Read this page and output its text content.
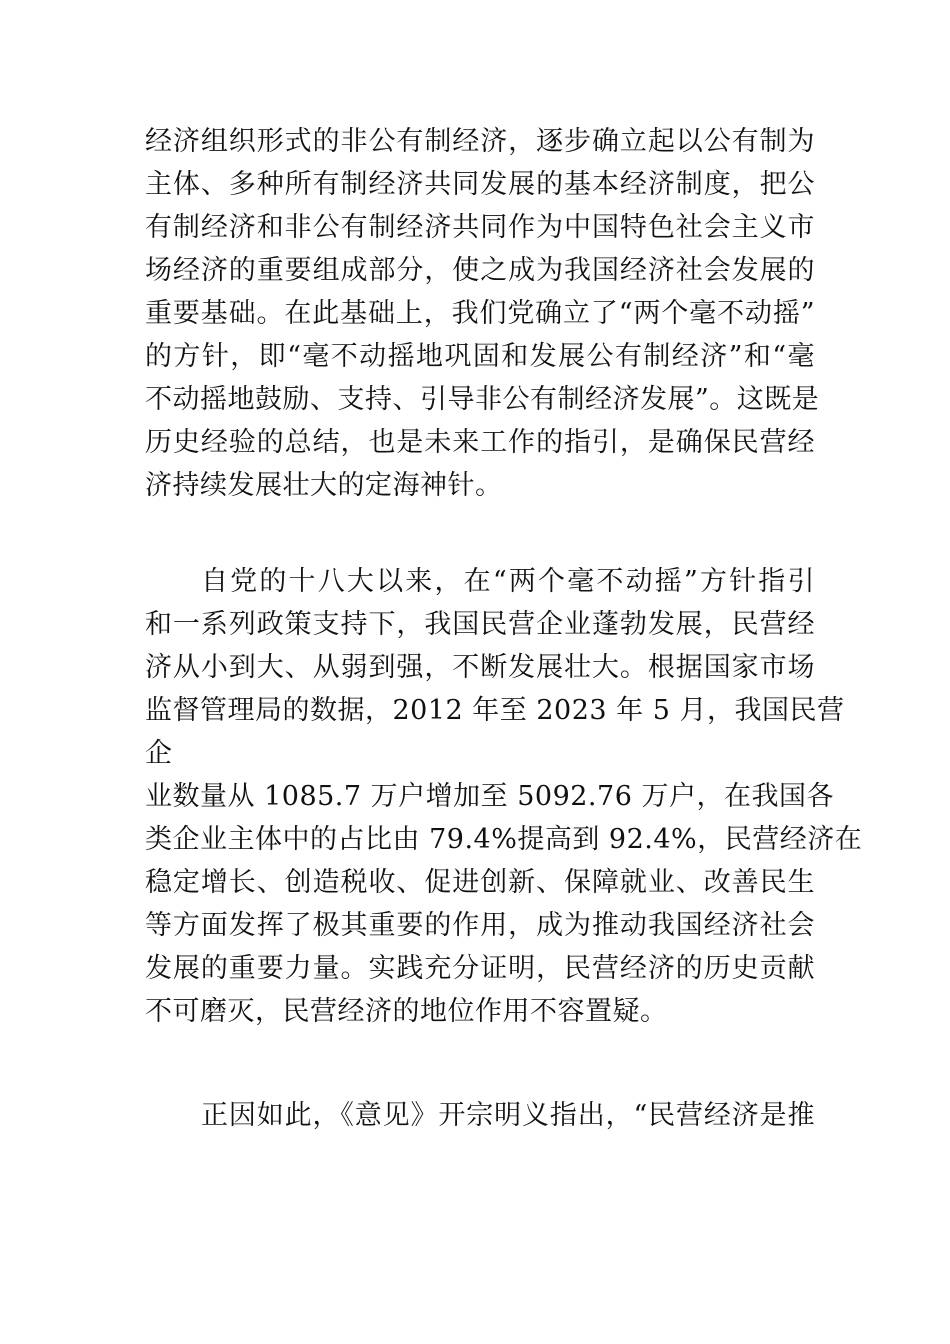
经济组织形式的非公有制经济，逐步确立起以公有制为
主体、多种所有制经济共同发展的基本经济制度，把公
有制经济和非公有制经济共同作为中国特色社会主义市
场经济的重要组成部分，使之成为我国经济社会发展的
重要基础。在此基础上，我们党确立了“两个毫不动摇”
的方针，即“毫不动摇地巩固和发展公有制经济”和“毫
不动摇地鼓励、支持、引导非公有制经济发展”。这既是
历史经验的总结，也是未来工作的指引，是确保民营经
济持续发展壮大的定海神针。
自党的十八大以来，在“两个毫不动摇”方针指引
和一系列政策支持下，我国民营企业蓬勃发展，民营经
济从小到大、从弱到强，不断发展壮大。根据国家市场
监督管理局的数据，2012 年至 2023 年 5 月，我国民营
企
业数量从 1085.7 万户增加至 5092.76 万户，在我国各
类企业主体中的占比由 79.4%提高到 92.4%，民营经济在
稳定增长、创造税收、促进创新、保障就业、改善民生
等方面发挥了极其重要的作用，成为推动我国经济社会
发展的重要力量。实践充分证明，民营经济的历史贡献
不可磨灭，民营经济的地位作用不容置疑。
正因如此，《意见》开宗明义指出，“民营经济是推
